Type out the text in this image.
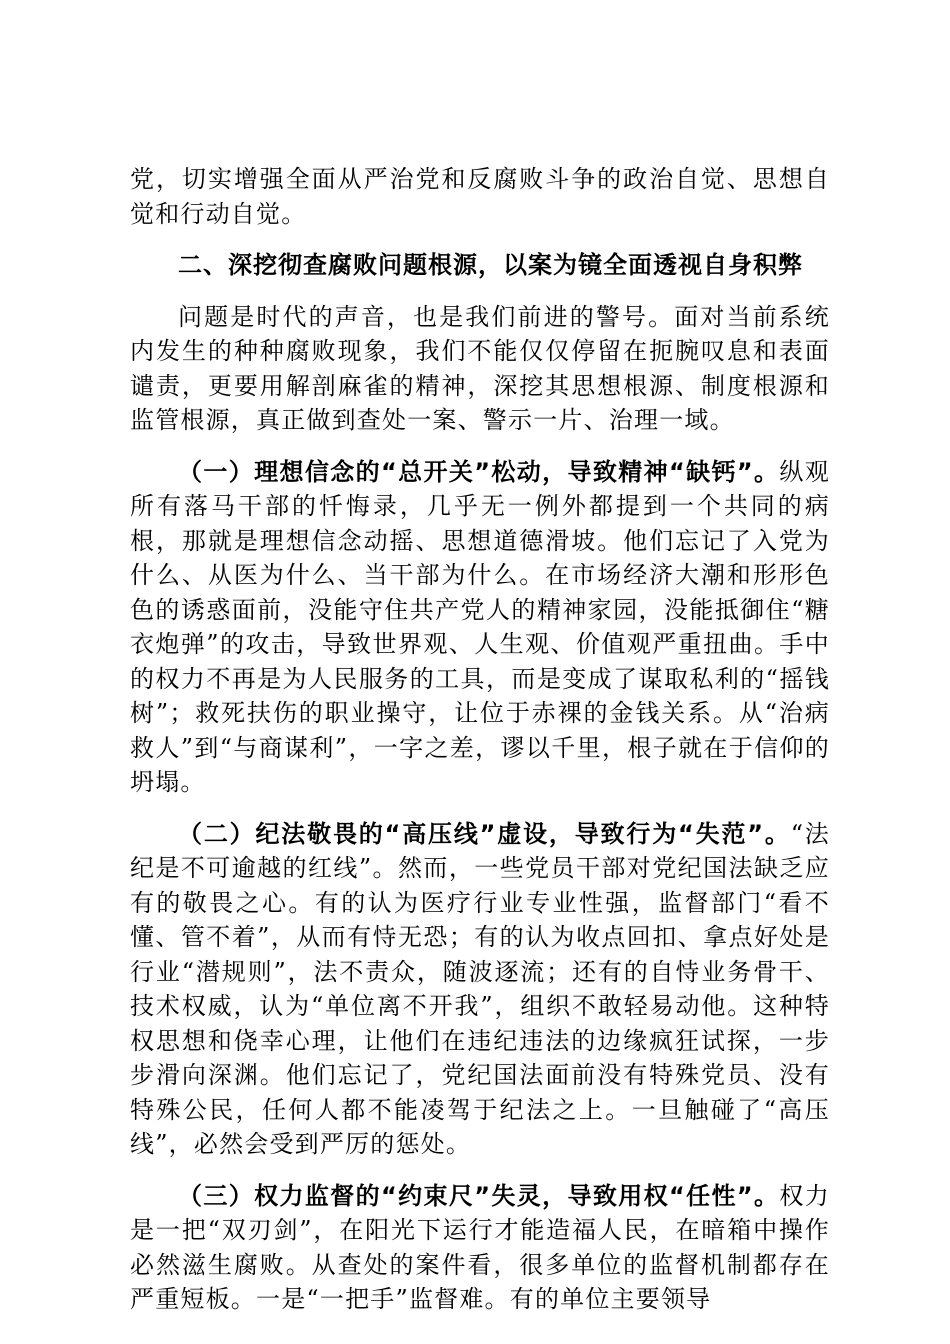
党，切实增强全面从严治党和反腐败斗争的政治自觉、思想自觉和行动自觉。

二、深挖彻查腐败问题根源，以案为镜全面透视自身积弊

问题是时代的声音，也是我们前进的警号。面对当前系统内发生的种种腐败现象，我们不能仅仅停留在扼腕叹息和表面谴责，更要用解剖麻雀的精神，深挖其思想根源、制度根源和监管根源，真正做到查处一案、警示一片、治理一域。

（一）理想信念的“总开关”松动，导致精神“缺钙”。纵观所有落马干部的忏悔录，几乎无一例外都提到一个共同的病根，那就是理想信念动摇、思想道德滑坡。他们忘记了入党为什么、从医为什么、当干部为什么。在市场经济大潮和形形色色的诱惑面前，没能守住共产党人的精神家园，没能抵御住“糖衣炮弹”的攻击，导致世界观、人生观、价值观严重扭曲。手中的权力不再是为人民服务的工具，而是变成了谋取私利的“摇钱树”；救死扶伤的职业操守，让位于赤裸的金钱关系。从“治病救人”到“与商谋利”，一字之差，谬以千里，根子就在于信仰的坍塌。

（二）纪法敬畏的“高压线”虚设，导致行为“失范”。“法纪是不可逾越的红线”。然而，一些党员干部对党纪国法缺乏应有的敬畏之心。有的认为医疗行业专业性强，监督部门“看不懂、管不着”，从而有恃无恐；有的认为收点回扣、拿点好处是行业“潜规则”，法不责众，随波逐流；还有的自恃业务骨干、技术权威，认为“单位离不开我”，组织不敢轻易动他。这种特权思想和侥幸心理，让他们在违纪违法的边缘疯狂试探，一步步滑向深渊。他们忘记了，党纪国法面前没有特殊党员、没有特殊公民，任何人都不能凌驾于纪法之上。一旦触碰了“高压线”，必然会受到严厉的惩处。

（三）权力监督的“约束尺”失灵，导致用权“任性”。权力是一把“双刃剑”，在阳光下运行才能造福人民，在暗箱中操作必然滋生腐败。从查处的案件看，很多单位的监督机制都存在严重短板。一是“一把手”监督难。有的单位主要领导
